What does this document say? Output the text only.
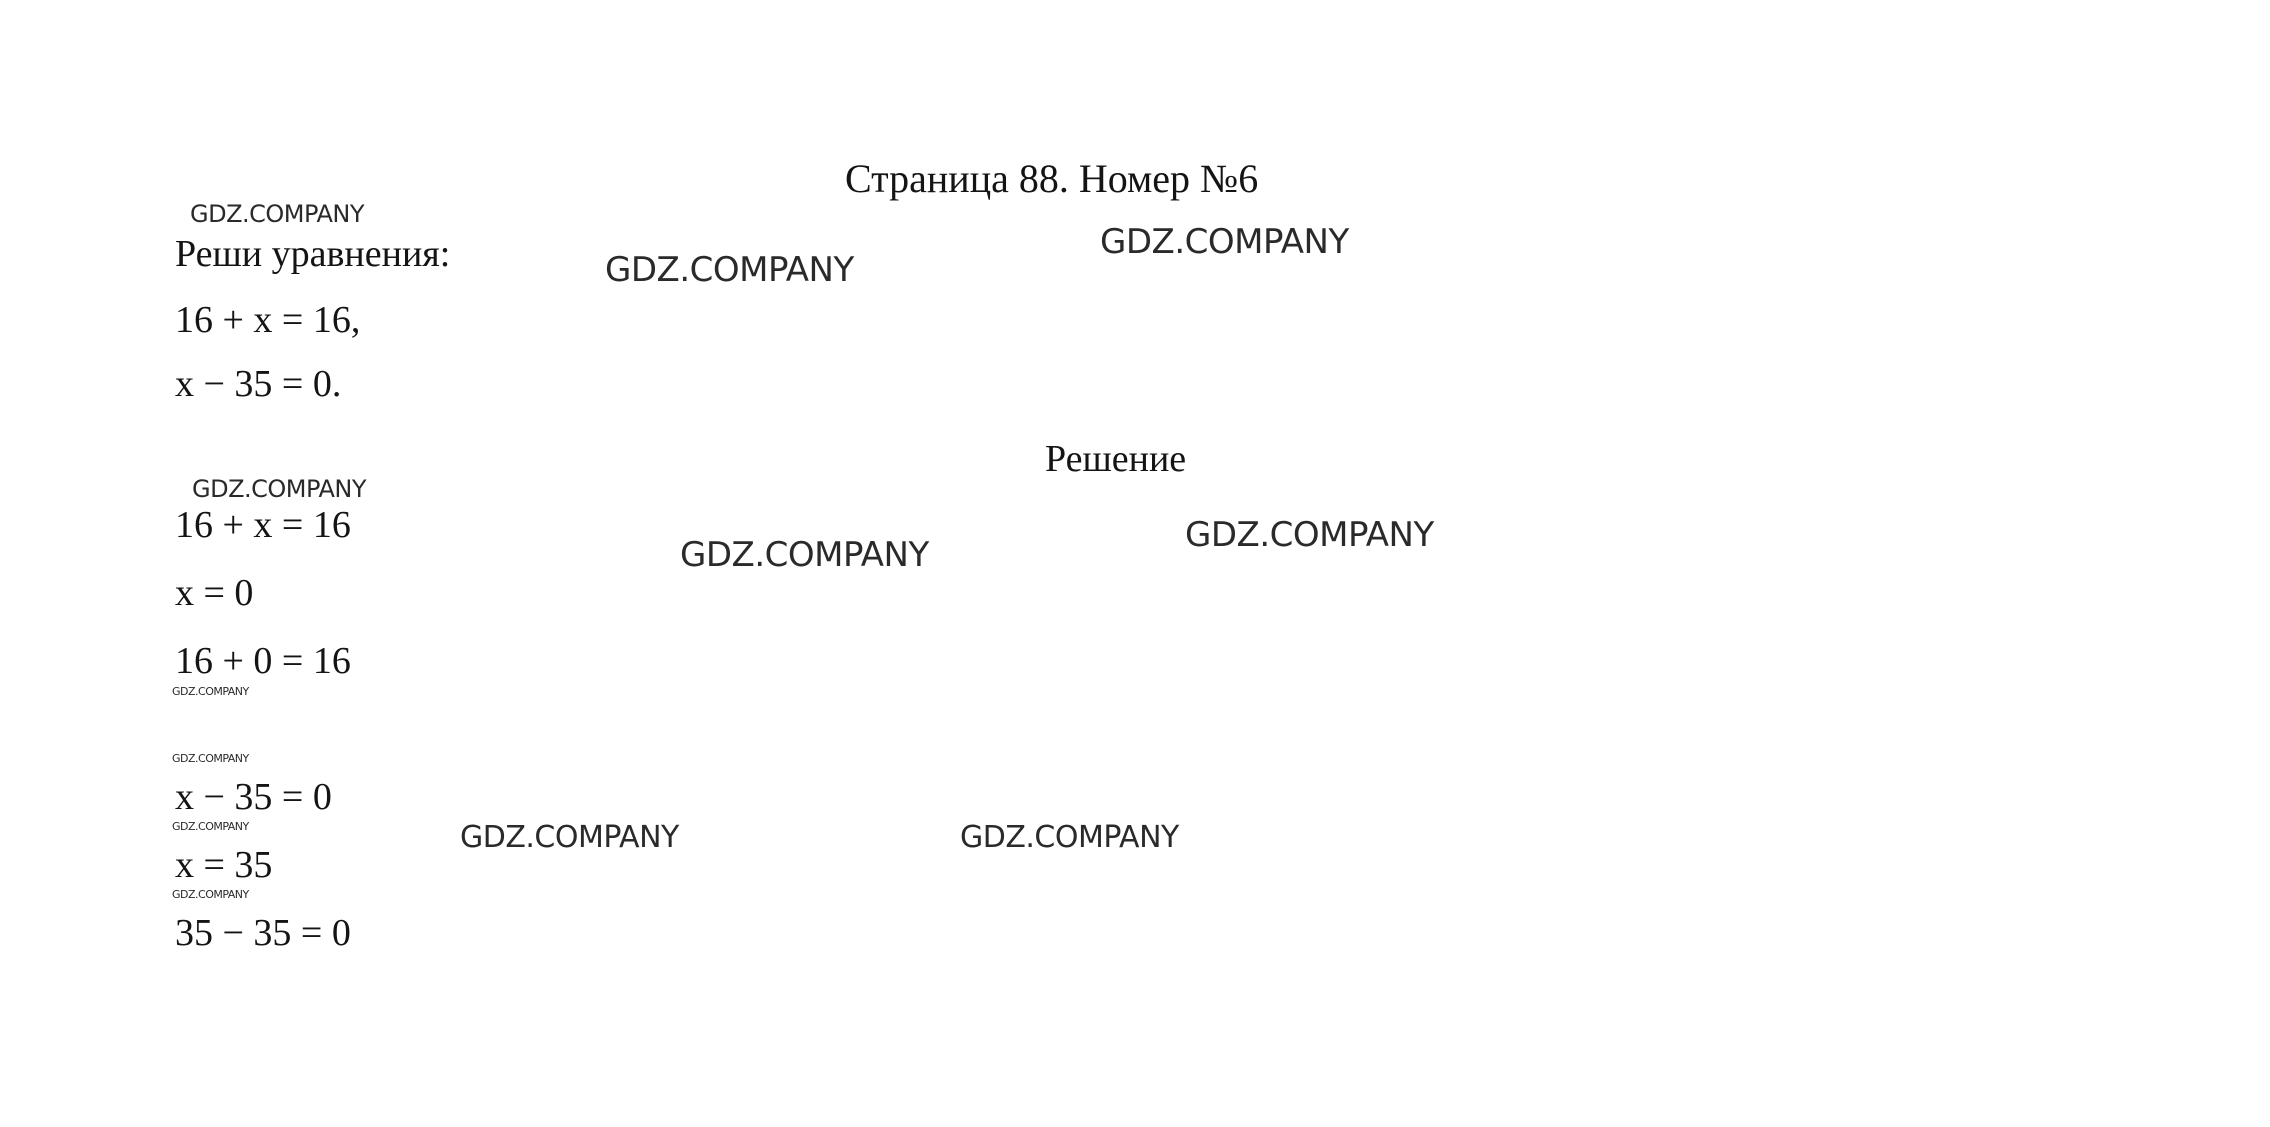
Страница 88. Номер №6
Реши уравнения:
16 + x = 16,
x − 35 = 0.
Решение
16 + x = 16
x = 0
16 + 0 = 16
x − 35 = 0
x = 35
35 − 35 = 0
GDZ.COMPANY
GDZ.COMPANY
GDZ.COMPANY
GDZ.COMPANY
GDZ.COMPANY	GDZ.COMPANY
GDZ.COMPANY
GDZ.COMPANY
GDZ.COMPANY
GDZ.COMPANY
GDZ.COMPANY	GDZ.COMPANY
